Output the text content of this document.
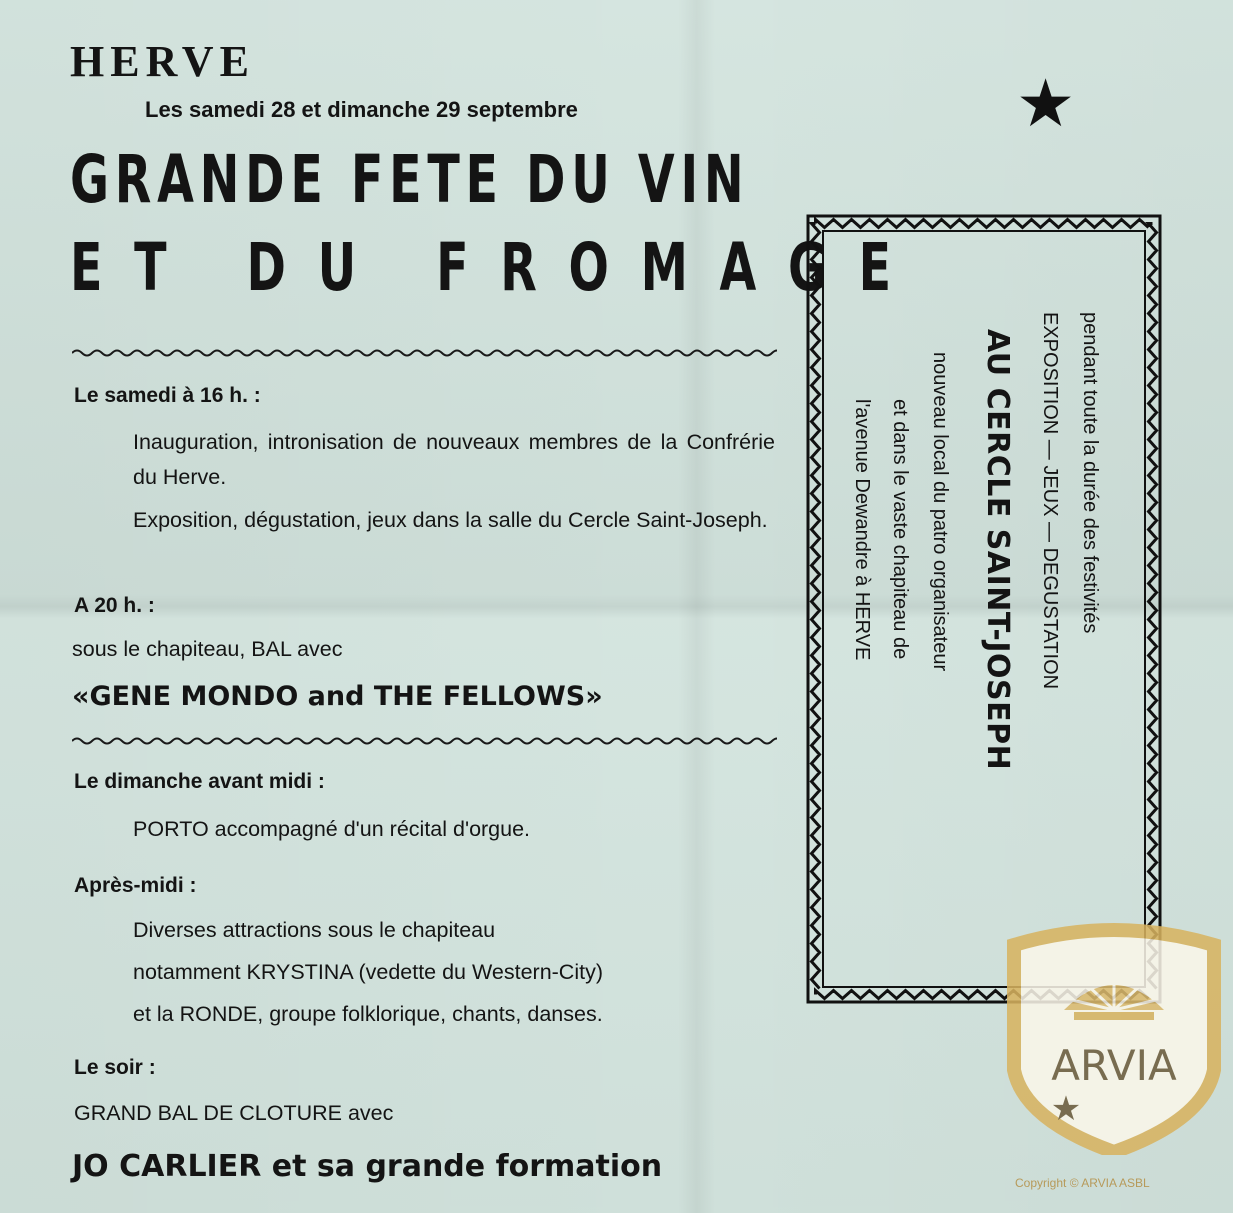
HERVE
Les samedi 28 et dimanche 29 septembre
GRANDE FETE DU VIN
ET DU FROMAGE
★
Le samedi à 16 h. :
Inauguration, intronisation de nouveaux membres de la Confrérie du Herve.
Exposition, dégustation, jeux dans la salle du Cercle Saint-Joseph.
A 20 h. :
sous le chapiteau, BAL avec
«GENE MONDO and THE FELLOWS»
Le dimanche avant midi :
PORTO accompagné d'un récital d'orgue.
Après-midi :
Diverses attractions sous le chapiteau
notamment KRYSTINA (vedette du Western-City)
et la RONDE, groupe folklorique, chants, danses.
Le soir :
GRAND BAL DE CLOTURE avec
JO CARLIER et sa grande formation
pendant toute la durée des festivités
EXPOSITION — JEUX — DEGUSTATION
AU CERCLE SAINT-JOSEPH
nouveau local du patro organisateur
et dans le vaste chapiteau de
l'avenue Dewandre à HERVE
ARVIA
★
Copyright © ARVIA ASBL
